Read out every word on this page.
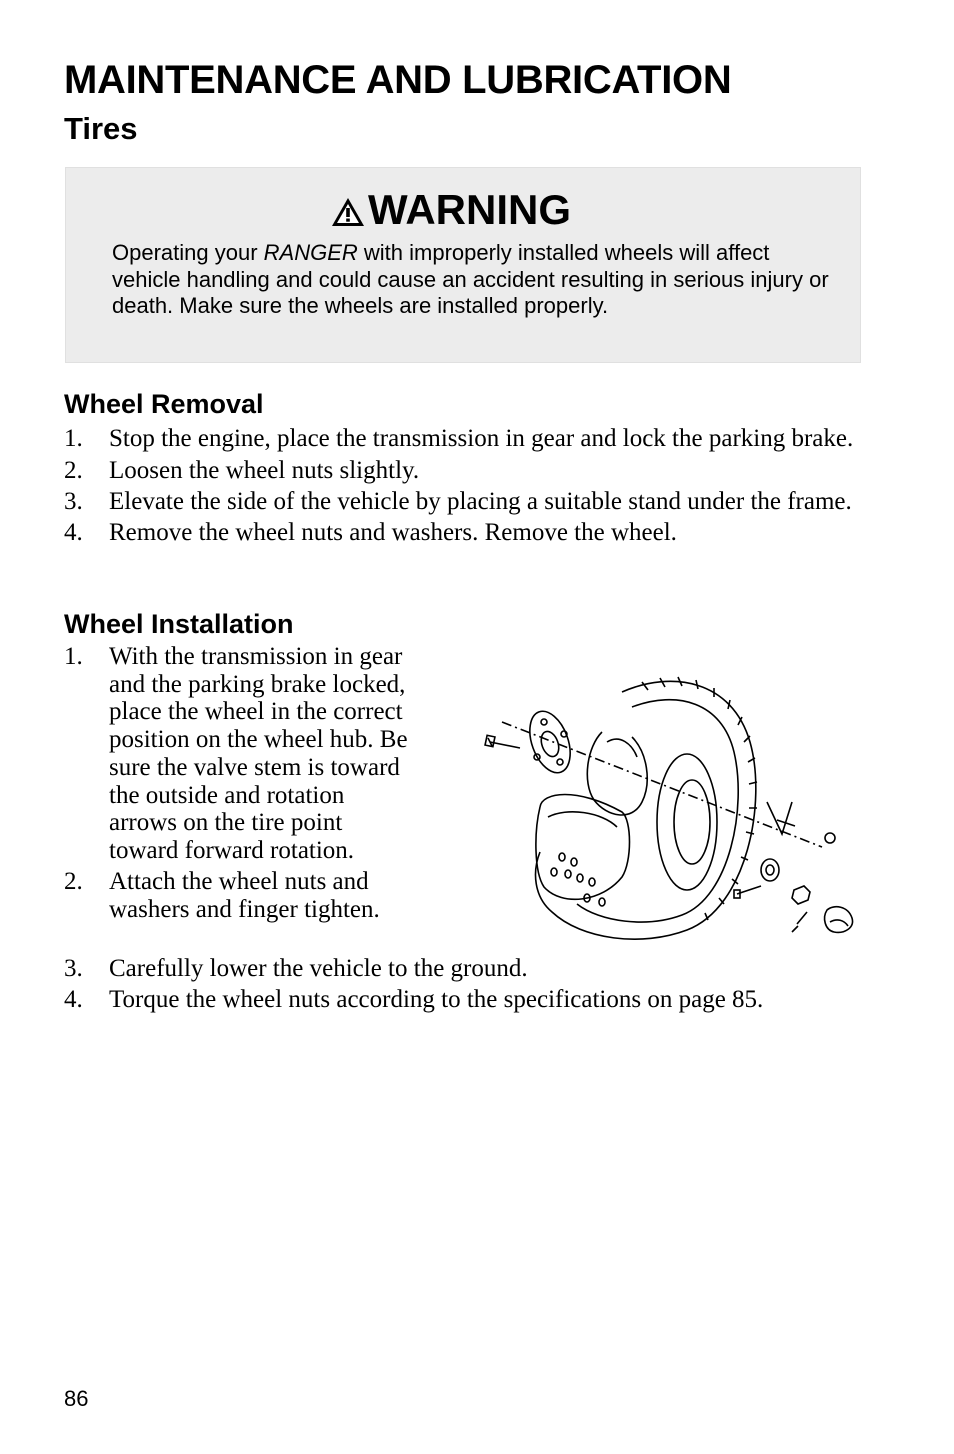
MAINTENANCE AND LUBRICATION
Tires
WARNING

Operating your RANGER with improperly installed wheels will affect vehicle handling and could cause an accident resulting in serious injury or death. Make sure the wheels are installed properly.

Wheel Removal
1. Stop the engine, place the transmission in gear and lock the parking brake.
2. Loosen the wheel nuts slightly.
3. Elevate the side of the vehicle by placing a suitable stand under the frame.
4. Remove the wheel nuts and washers. Remove the wheel.
Wheel Installation
1. With the transmission in gear and the parking brake locked, place the wheel in the correct position on the wheel hub. Be sure the valve stem is toward the outside and rotation arrows on the tire point toward forward rotation.
2. Attach the wheel nuts and washers and finger tighten.
3. Carefully lower the vehicle to the ground.
4. Torque the wheel nuts according to the specifications on page 85.

86
